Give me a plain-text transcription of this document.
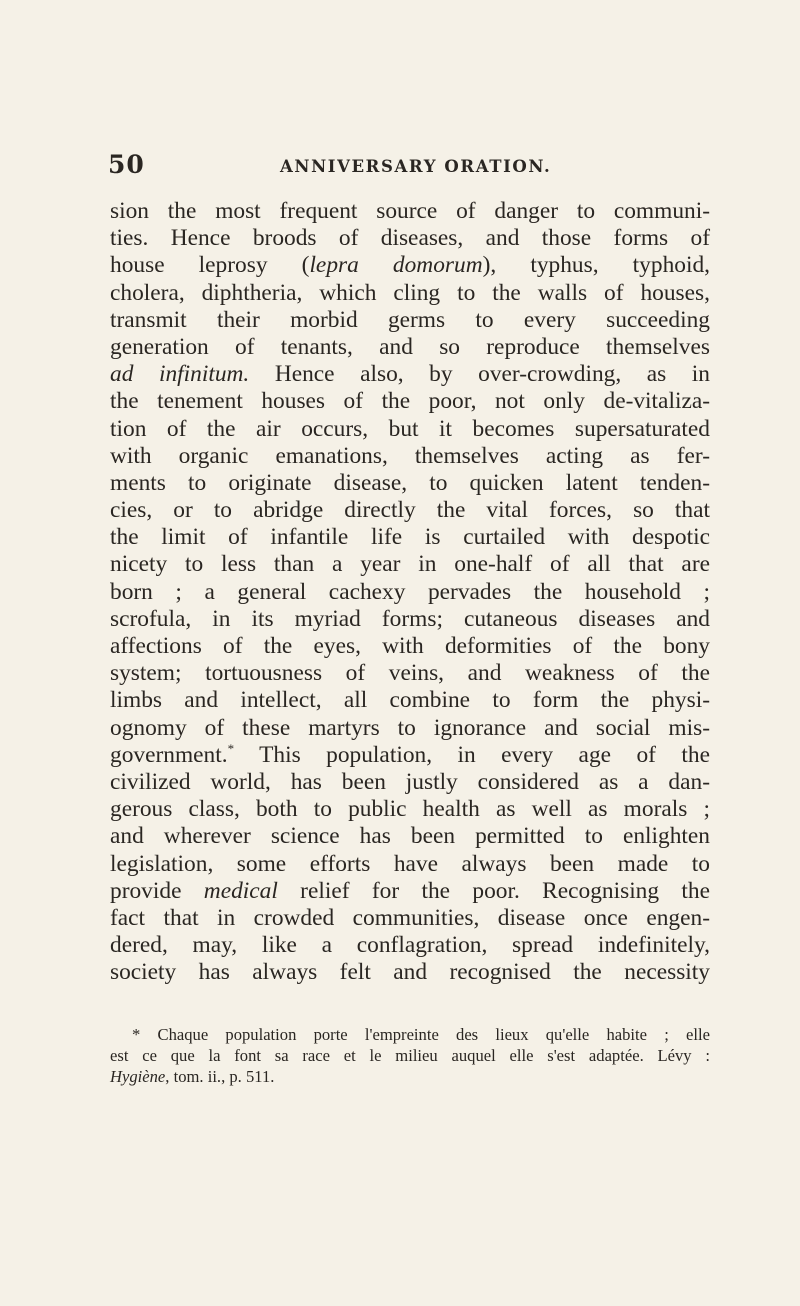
50	ANNIVERSARY ORATION.
sion the most frequent source of danger to communi-
ties. Hence broods of diseases, and those forms of
house leprosy (lepra domorum), typhus, typhoid,
cholera, diphtheria, which cling to the walls of houses,
transmit their morbid germs to every succeeding
generation of tenants, and so reproduce themselves
ad infinitum. Hence also, by over-crowding, as in
the tenement houses of the poor, not only de-vitaliza-
tion of the air occurs, but it becomes supersaturated
with organic emanations, themselves acting as fer-
ments to originate disease, to quicken latent tenden-
cies, or to abridge directly the vital forces, so that
the limit of infantile life is curtailed with despotic
nicety to less than a year in one-half of all that are
born ; a general cachexy pervades the household ;
scrofula, in its myriad forms; cutaneous diseases and
affections of the eyes, with deformities of the bony
system; tortuousness of veins, and weakness of the
limbs and intellect, all combine to form the physi-
ognomy of these martyrs to ignorance and social mis-
government.* This population, in every age of the
civilized world, has been justly considered as a dan-
gerous class, both to public health as well as morals ;
and wherever science has been permitted to enlighten
legislation, some efforts have always been made to
provide medical relief for the poor. Recognising the
fact that in crowded communities, disease once engen-
dered, may, like a conflagration, spread indefinitely,
society has always felt and recognised the necessity
* Chaque population porte l'empreinte des lieux qu'elle habite ; elle
est ce que la font sa race et le milieu auquel elle s'est adaptée. Lévy :
Hygiène, tom. ii., p. 511.
